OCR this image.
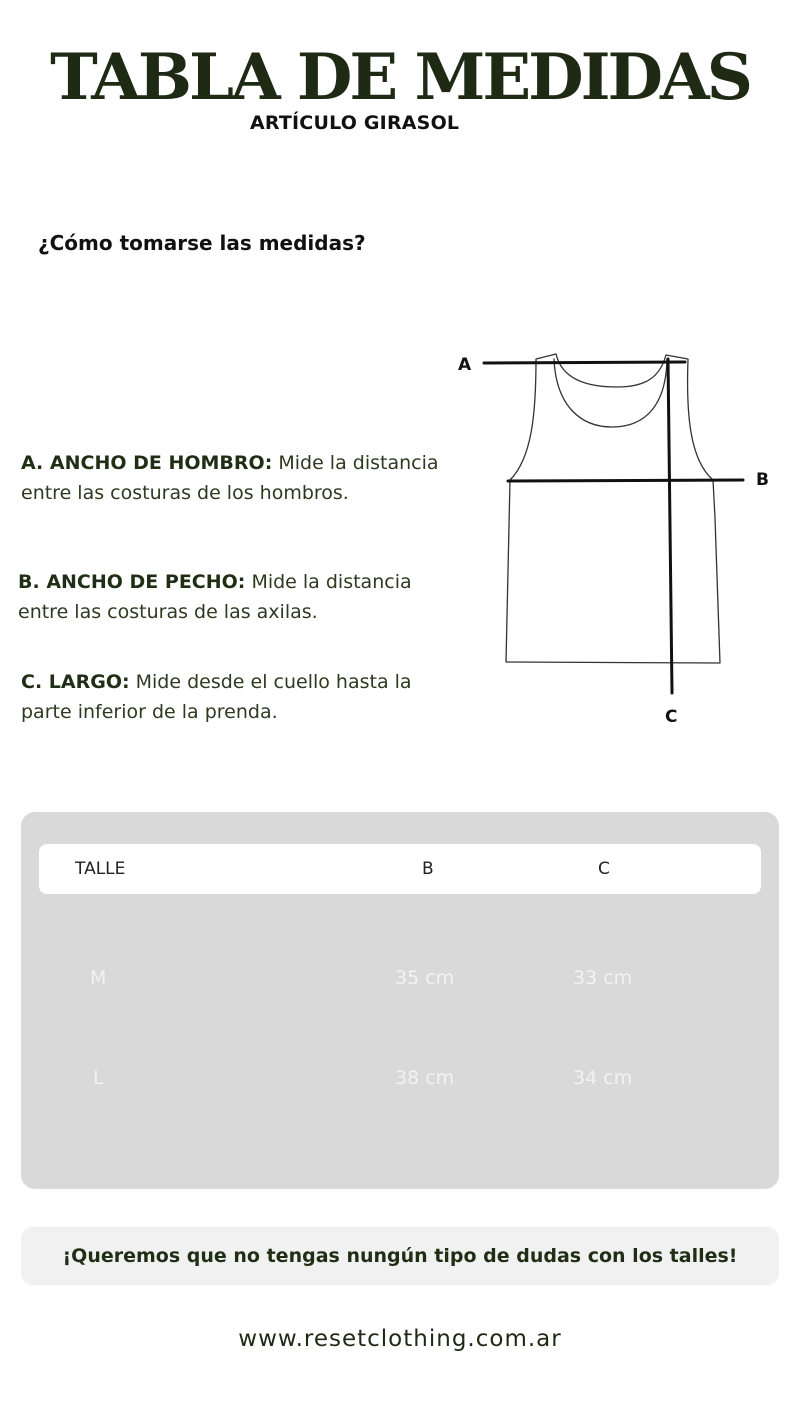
TABLA DE MEDIDAS
ARTÍCULO GIRASOL
¿Cómo tomarse las medidas?
A. ANCHO DE HOMBRO: Mide la distancia entre las costuras de los hombros.
B. ANCHO DE PECHO: Mide la distancia entre las costuras de las axilas.
C. LARGO: Mide desde el cuello hasta la parte inferior de la prenda.
A
B
C
TALLE	B	C
M	35 cm	33 cm
L	38 cm	34 cm
¡Queremos que no tengas nungún tipo de dudas con los talles!
www.resetclothing.com.ar
